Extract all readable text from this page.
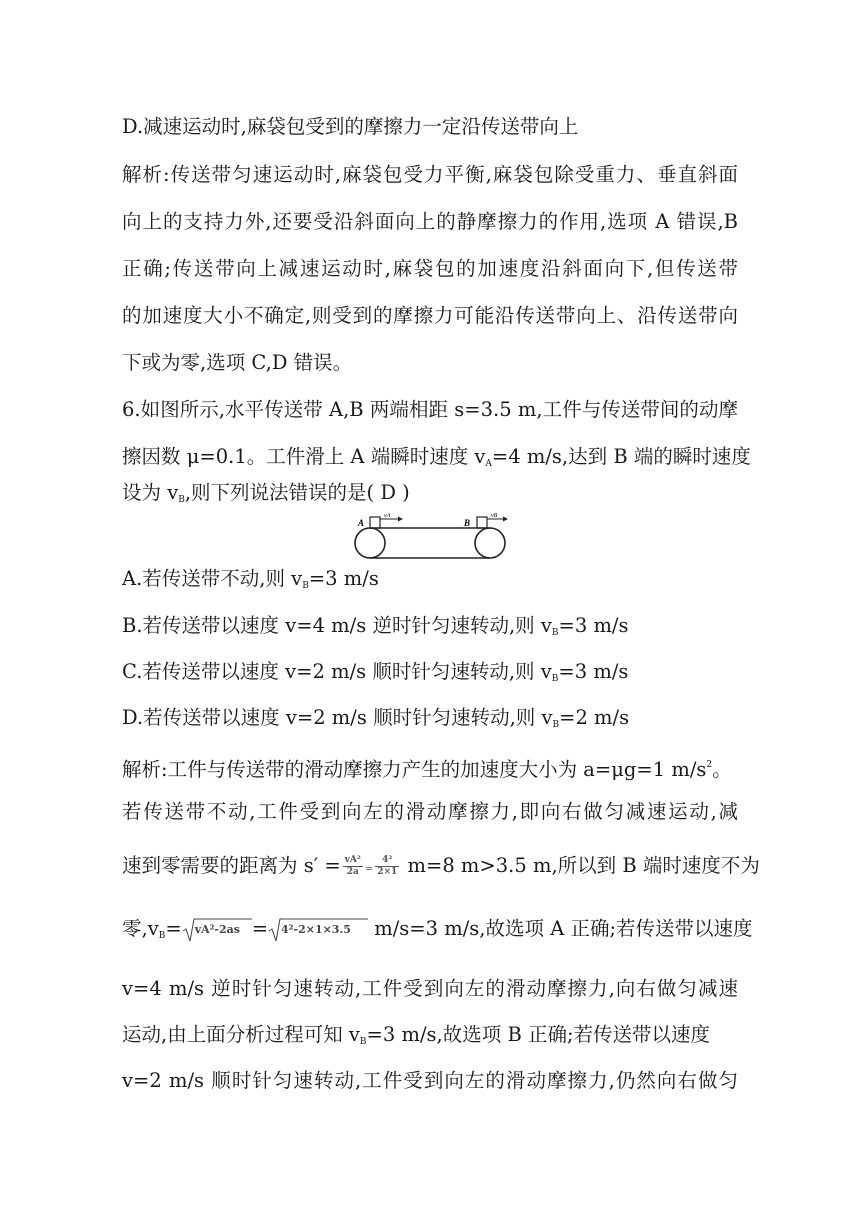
D.减速运动时,麻袋包受到的摩擦力一定沿传送带向上
解析:传送带匀速运动时,麻袋包受力平衡,麻袋包除受重力、垂直斜面
向上的支持力外,还要受沿斜面向上的静摩擦力的作用,选项 A 错误,B
正确;传送带向上减速运动时,麻袋包的加速度沿斜面向下,但传送带
的加速度大小不确定,则受到的摩擦力可能沿传送带向上、沿传送带向
下或为零,选项 C,D 错误。
6.如图所示,水平传送带 A,B 两端相距 s=3.5 m,工件与传送带间的动摩
擦因数 μ=0.1。工件滑上 A 端瞬时速度 $v_A=4$ m/s,达到 B 端的瞬时速度
设为 $v_B$,则下列说法错误的是( D )
A	B
vA	vB
A.若传送带不动,则 $v_B=3$ m/s
B.若传送带以速度 v=4 m/s 逆时针匀速转动,则 $v_B=3$ m/s
C.若传送带以速度 v=2 m/s 顺时针匀速转动,则 $v_B=3$ m/s
D.若传送带以速度 v=2 m/s 顺时针匀速转动,则 $v_B=2$ m/s
解析:工件与传送带的滑动摩擦力产生的加速度大小为 a=μg=1 $m/s^2$。
若传送带不动,工件受到向左的滑动摩擦力,即向右做匀减速运动,减
速到零需要的距离为 $s' = \frac{\text{vA²}}{2a} = \frac{\text{4²}}{2\times 1} m=8$ m>3.5 m,所以到 B 端时速度不为
零$,v_B= vA^2-2as = 4^2-2\times 1\times 3.5$ m/s=3 m/s,故选项 A 正确;若传送带以速度
v=4 m/s 逆时针匀速转动,工件受到向左的滑动摩擦力,向右做匀减速
运动,由上面分析过程可知 $v_B=3$ m/s,故选项 B 正确;若传送带以速度
v=2 m/s 顺时针匀速转动,工件受到向左的滑动摩擦力,仍然向右做匀
